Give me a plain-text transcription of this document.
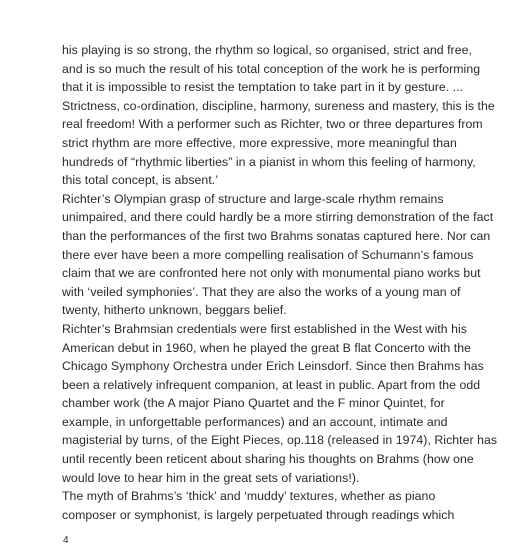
his playing is so strong, the rhythm so logical, so organised, strict and free,
and is so much the result of his total conception of the work he is performing
that it is impossible to resist the temptation to take part in it by gesture. ...
Strictness, co-ordination, discipline, harmony, sureness and mastery, this is the
real freedom! With a performer such as Richter, two or three departures from
strict rhythm are more effective, more expressive, more meaningful than
hundreds of “rhythmic liberties” in a pianist in whom this feeling of harmony,
this total concept, is absent.’
Richter’s Olympian grasp of structure and large-scale rhythm remains
unimpaired, and there could hardly be a more stirring demonstration of the fact
than the performances of the first two Brahms sonatas captured here. Nor can
there ever have been a more compelling realisation of Schumann’s famous
claim that we are confronted here not only with monumental piano works but
with ‘veiled symphonies’. That they are also the works of a young man of
twenty, hitherto unknown, beggars belief.
Richter’s Brahmsian credentials were first established in the West with his
American debut in 1960, when he played the great B flat Concerto with the
Chicago Symphony Orchestra under Erich Leinsdorf. Since then Brahms has
been a relatively infrequent companion, at least in public. Apart from the odd
chamber work (the A major Piano Quartet and the F minor Quintet, for
example, in unforgettable performances) and an account, intimate and
magisterial by turns, of the Eight Pieces, op.118 (released in 1974), Richter has
until recently been reticent about sharing his thoughts on Brahms (how one
would love to hear him in the great sets of variations!).
The myth of Brahms’s ‘thick’ and ‘muddy’ textures, whether as piano
composer or symphonist, is largely perpetuated through readings which
4
